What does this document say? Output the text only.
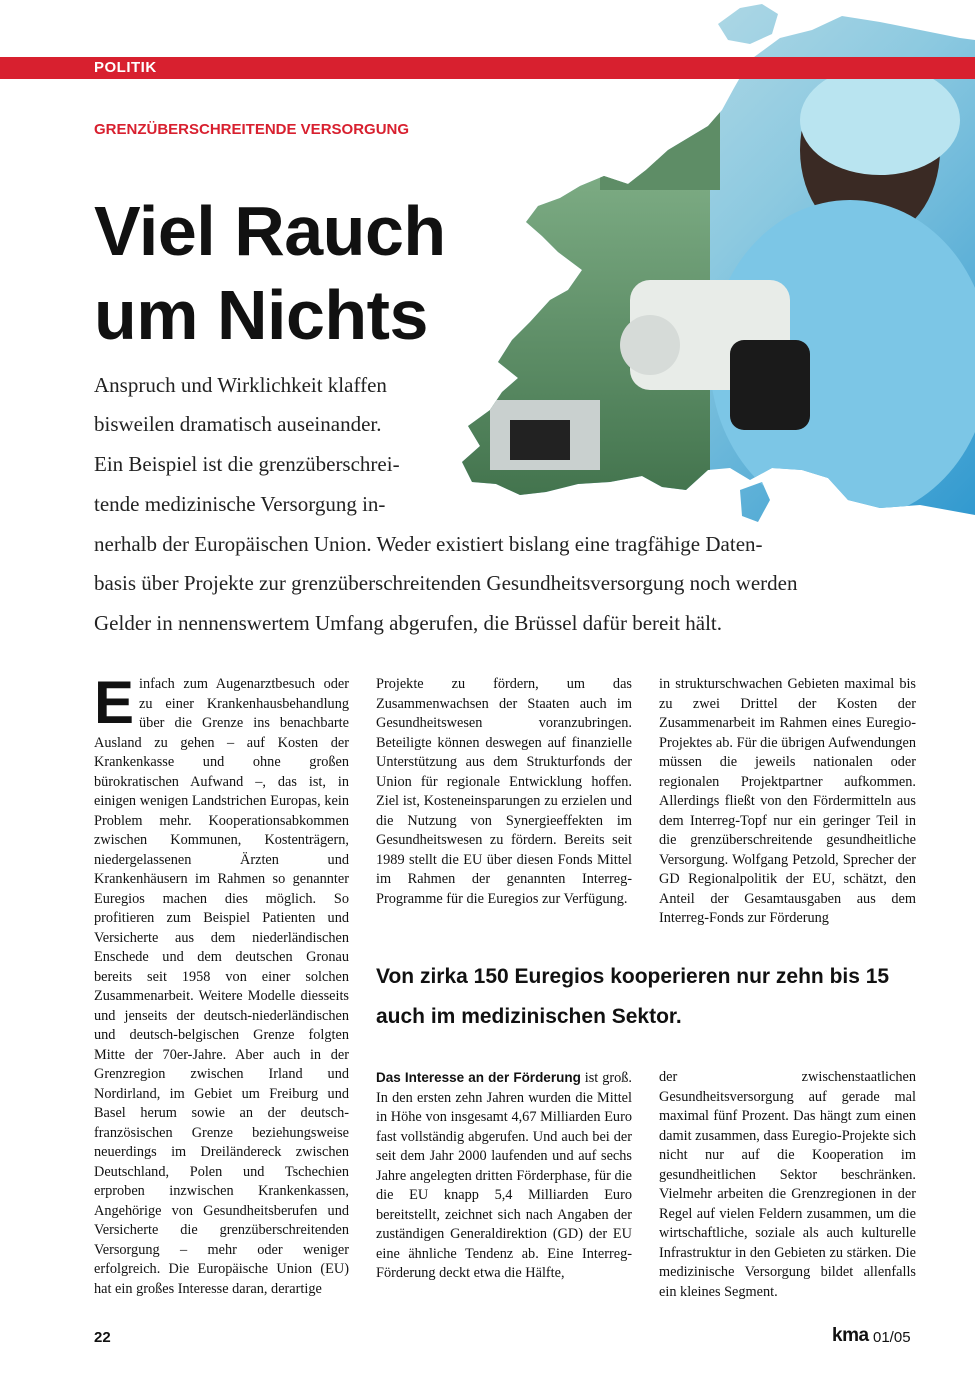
POLITIK
GRENZÜBERSCHREITENDE VERSORGUNG
Viel Rauch
um Nichts
Anspruch und Wirklichkeit klaffen
bisweilen dramatisch auseinander.
Ein Beispiel ist die grenzüberschrei-
tende medizinische Versorgung in-
nerhalb der Europäischen Union. Weder existiert bislang eine tragfähige Daten-
basis über Projekte zur grenzüberschreitenden Gesundheitsversorgung noch werden
Gelder in nennenswertem Umfang abgerufen, die Brüssel dafür bereit hält.

Einfach zum Augenarztbesuch oder zu einer Krankenhausbehandlung über die Grenze ins benachbarte Ausland zu gehen – auf Kosten der Krankenkasse und ohne großen bürokratischen Aufwand –, das ist, in einigen wenigen Landstrichen Europas, kein Problem mehr. Kooperationsabkommen zwischen Kommunen, Kostenträgern, niedergelassenen Ärzten und Krankenhäusern im Rahmen so genannter Euregios machen dies möglich. So profitieren zum Beispiel Patienten und Versicherte aus dem niederländischen Enschede und dem deutschen Gronau bereits seit 1958 von einer solchen Zusammenarbeit. Weitere Modelle diesseits und jenseits der deutsch-niederländischen und deutsch-belgischen Grenze folgten Mitte der 70er-Jahre. Aber auch in der Grenzregion zwischen Irland und Nordirland, im Gebiet um Freiburg und Basel herum sowie an der deutsch-französischen Grenze beziehungsweise neuerdings im Dreiländereck zwischen Deutschland, Polen und Tschechien erproben inzwischen Krankenkassen, Angehörige von Gesundheitsberufen und Versicherte die grenzüberschreitenden Versorgung – mehr oder weniger erfolgreich. Die Europäische Union (EU) hat ein großes Interesse daran, derartige

Projekte zu fördern, um das Zusammenwachsen der Staaten auch im Gesundheitswesen voranzubringen. Beteiligte können deswegen auf finanzielle Unterstützung aus dem Strukturfonds der Union für regionale Entwicklung hoffen. Ziel ist, Kosteneinsparungen zu erzielen und die Nutzung von Synergieeffekten im Gesundheitswesen zu fördern. Bereits seit 1989 stellt die EU über diesen Fonds Mittel im Rahmen der genannten Interreg-Programme für die Euregios zur Verfügung.

in strukturschwachen Gebieten maximal bis zu zwei Drittel der Kosten der Zusammenarbeit im Rahmen eines Euregio-Projektes ab. Für die übrigen Aufwendungen müssen die jeweils nationalen oder regionalen Projektpartner aufkommen. Allerdings fließt von den Fördermitteln aus dem Interreg-Topf nur ein geringer Teil in die grenzüberschreitende gesundheitliche Versorgung. Wolfgang Petzold, Sprecher der GD Regionalpolitik der EU, schätzt, den Anteil der Gesamtausgaben aus dem Interreg-Fonds zur Förderung

Von zirka 150 Euregios kooperieren nur zehn bis 15 auch im medizinischen Sektor.

Das Interesse an der Förderung ist groß. In den ersten zehn Jahren wurden die Mittel in Höhe von insgesamt 4,67 Milliarden Euro fast vollständig abgerufen. Und auch bei der seit dem Jahr 2000 laufenden und auf sechs Jahre angelegten dritten Förderphase, für die die EU knapp 5,4 Milliarden Euro bereitstellt, zeichnet sich nach Angaben der zuständigen Generaldirektion (GD) der EU eine ähnliche Tendenz ab. Eine Interreg-Förderung deckt etwa die Hälfte,

der zwischenstaatlichen Gesundheitsversorgung auf gerade mal maximal fünf Prozent. Das hängt zum einen damit zusammen, dass Euregio-Projekte sich nicht nur auf die Kooperation im gesundheitlichen Sektor beschränken. Vielmehr arbeiten die Grenzregionen in der Regel auf vielen Feldern zusammen, um die wirtschaftliche, soziale als auch kulturelle Infrastruktur in den Gebieten zu stärken. Die medizinische Versorgung bildet allenfalls ein kleines Segment.

22	kma 01/05
